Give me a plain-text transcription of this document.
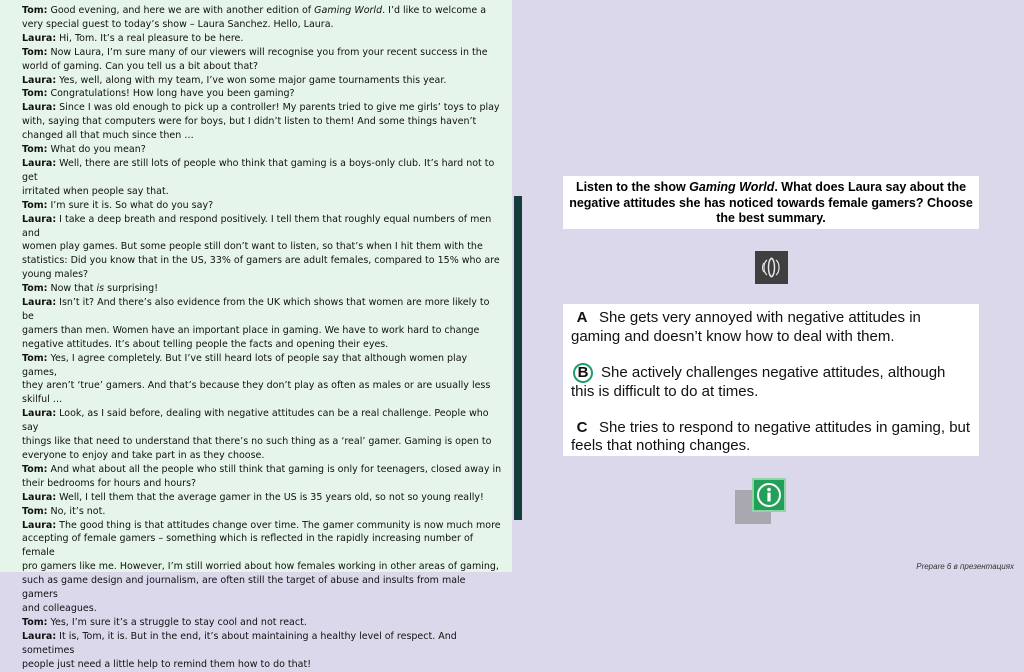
Tom: Good evening, and here we are with another edition of Gaming World. I’d like to welcome a

very special guest to today’s show – Laura Sanchez. Hello, Laura.

Laura: Hi, Tom. It’s a real pleasure to be here.

Tom: Now Laura, I’m sure many of our viewers will recognise you from your recent success in the

world of gaming. Can you tell us a bit about that?

Laura: Yes, well, along with my team, I’ve won some major game tournaments this year.

Tom: Congratulations! How long have you been gaming?

Laura: Since I was old enough to pick up a controller! My parents tried to give me girls’ toys to play

with, saying that computers were for boys, but I didn’t listen to them! And some things haven’t

changed all that much since then …

Tom: What do you mean?

Laura: Well, there are still lots of people who think that gaming is a boys-only club. It’s hard not to get

irritated when people say that.

Tom: I’m sure it is. So what do you say?

Laura: I take a deep breath and respond positively. I tell them that roughly equal numbers of men and

women play games. But some people still don’t want to listen, so that’s when I hit them with the

statistics: Did you know that in the US, 33% of gamers are adult females, compared to 15% who are

young males?

Tom: Now that is surprising!

Laura: Isn’t it? And there’s also evidence from the UK which shows that women are more likely to be

gamers than men. Women have an important place in gaming. We have to work hard to change

negative attitudes. It’s about telling people the facts and opening their eyes.

Tom: Yes, I agree completely. But I’ve still heard lots of people say that although women play games,

they aren’t ‘true’ gamers. And that’s because they don’t play as often as males or are usually less

skilful …

Laura: Look, as I said before, dealing with negative attitudes can be a real challenge. People who say

things like that need to understand that there’s no such thing as a ‘real’ gamer. Gaming is open to

everyone to enjoy and take part in as they choose.

Tom: And what about all the people who still think that gaming is only for teenagers, closed away in

their bedrooms for hours and hours?

Laura: Well, I tell them that the average gamer in the US is 35 years old, so not so young really!

Tom: No, it’s not.

Laura: The good thing is that attitudes change over time. The gamer community is now much more

accepting of female gamers – something which is reflected in the rapidly increasing number of female

pro gamers like me. However, I’m still worried about how females working in other areas of gaming,

such as game design and journalism, are often still the target of abuse and insults from male gamers

and colleagues.

Tom: Yes, I’m sure it’s a struggle to stay cool and not react.

Laura: It is, Tom, it is. But in the end, it’s about maintaining a healthy level of respect. And sometimes

people just need a little help to remind them how to do that!

Listen to the show Gaming World. What does Laura say about the negative attitudes she has noticed towards female gamers? Choose the best summary.

A She gets very annoyed with negative attitudes in gaming and doesn’t know how to deal with them.

B She actively challenges negative attitudes, although this is difficult to do at times.

C She tries to respond to negative attitudes in gaming, but feels that nothing changes.

Prepare 6 в презентациях
